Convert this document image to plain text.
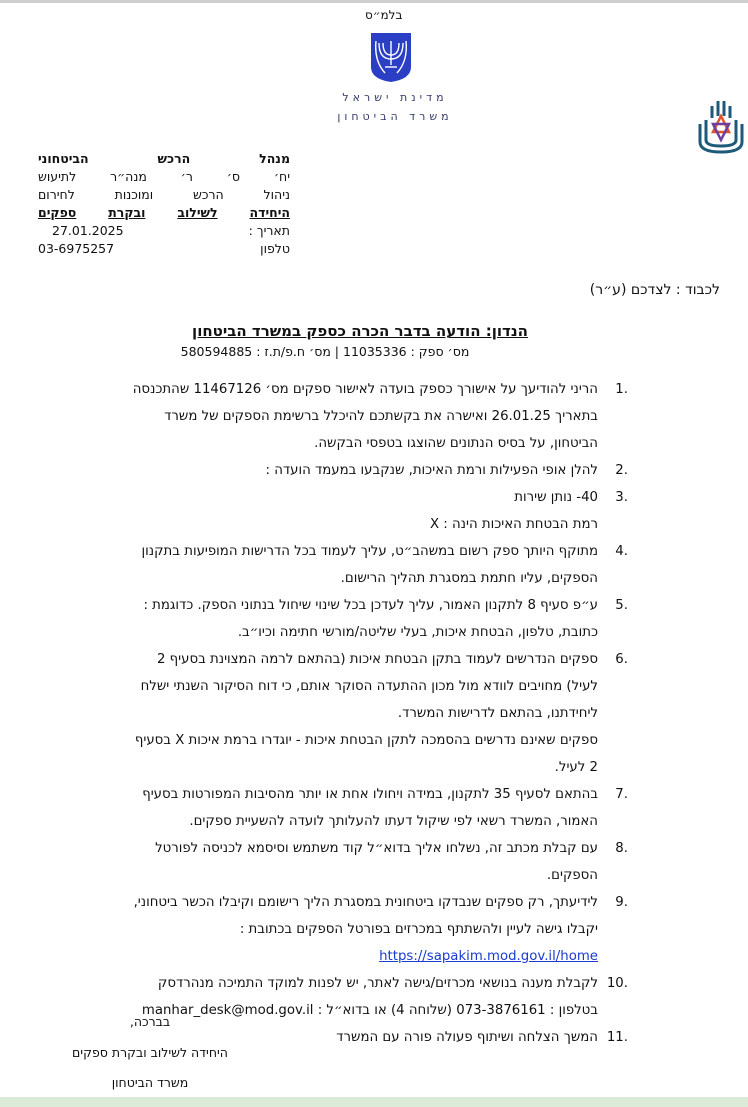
בלמ״ס
מדינת ישראל
משרד הביטחון
מנהל
הרכש
הביטחוני
יח׳
ס׳
ר׳
מנה״ר
לתיעוש
ניהול
הרכש
ומוכנות
לחירום
היחידה
לשילוב
ובקרת
ספקים
תאריך :
27.01.2025
טלפון
03-6975257
לכבוד : לצדכם (ע״ר)
הנדון: הודעה בדבר הכרה כספק במשרד הביטחון
מס׳ ספק : 11035336 | מס׳ ח.פ/ת.ז : 580594885
.1
הריני להודיעך על אישורך כספק בועדה לאישור ספקים מס׳ 11467126 שהתכנסה בתאריך 26.01.25 ואישרה את בקשתכם להיכלל ברשימת הספקים של משרד הביטחון, על בסיס הנתונים שהוצגו בטפסי הבקשה.
.2
להלן אופי הפעילות ורמת האיכות, שנקבעו במעמד הועדה :
.3
40- נותן שירות
רמת הבטחת האיכות הינה : X
.4
מתוקף היותך ספק רשום במשהב״ט, עליך לעמוד בכל הדרישות המופיעות בתקנון הספקים, עליו חתמת במסגרת תהליך הרישום.
.5
ע״פ סעיף 8 לתקנון האמור, עליך לעדכן בכל שינוי שיחול בנתוני הספק. כדוגמת : כתובת, טלפון, הבטחת איכות, בעלי שליטה/מורשי חתימה וכיו״ב.
.6
ספקים הנדרשים לעמוד בתקן הבטחת איכות (בהתאם לרמה המצוינת בסעיף 2 לעיל) מחויבים לוודא מול מכון ההתעדה הסוקר אותם, כי דוח הסיקור השנתי ישלח ליחידתנו, בהתאם לדרישות המשרד.
ספקים שאינם נדרשים בהסמכה לתקן הבטחת איכות - יוגדרו ברמת איכות X בסעיף 2 לעיל.
.7
בהתאם לסעיף 35 לתקנון, במידה ויחולו אחת או יותר מהסיבות המפורטות בסעיף האמור, המשרד רשאי לפי שיקול דעתו להעלותך לועדה להשעיית ספקים.
.8
עם קבלת מכתב זה, נשלחו אליך בדוא״ל קוד משתמש וסיסמא לכניסה לפורטל הספקים.
.9
לידיעתך, רק ספקים שנבדקו ביטחונית במסגרת הליך רישומם וקיבלו הכשר ביטחוני, יקבלו גישה לעיין ולהשתתף במכרזים בפורטל הספקים בכתובת :
https://sapakim.mod.gov.il/home
.10
לקבלת מענה בנושאי מכרזים/גישה לאתר, יש לפנות למוקד התמיכה מנהרדסק בטלפון : 073-3876161 (שלוחה 4) או בדוא״ל : manhar_desk@mod.gov.il
.11
המשך הצלחה ושיתוף פעולה פורה עם המשרד
בברכה,
היחידה לשילוב ובקרת ספקים
משרד הביטחון
